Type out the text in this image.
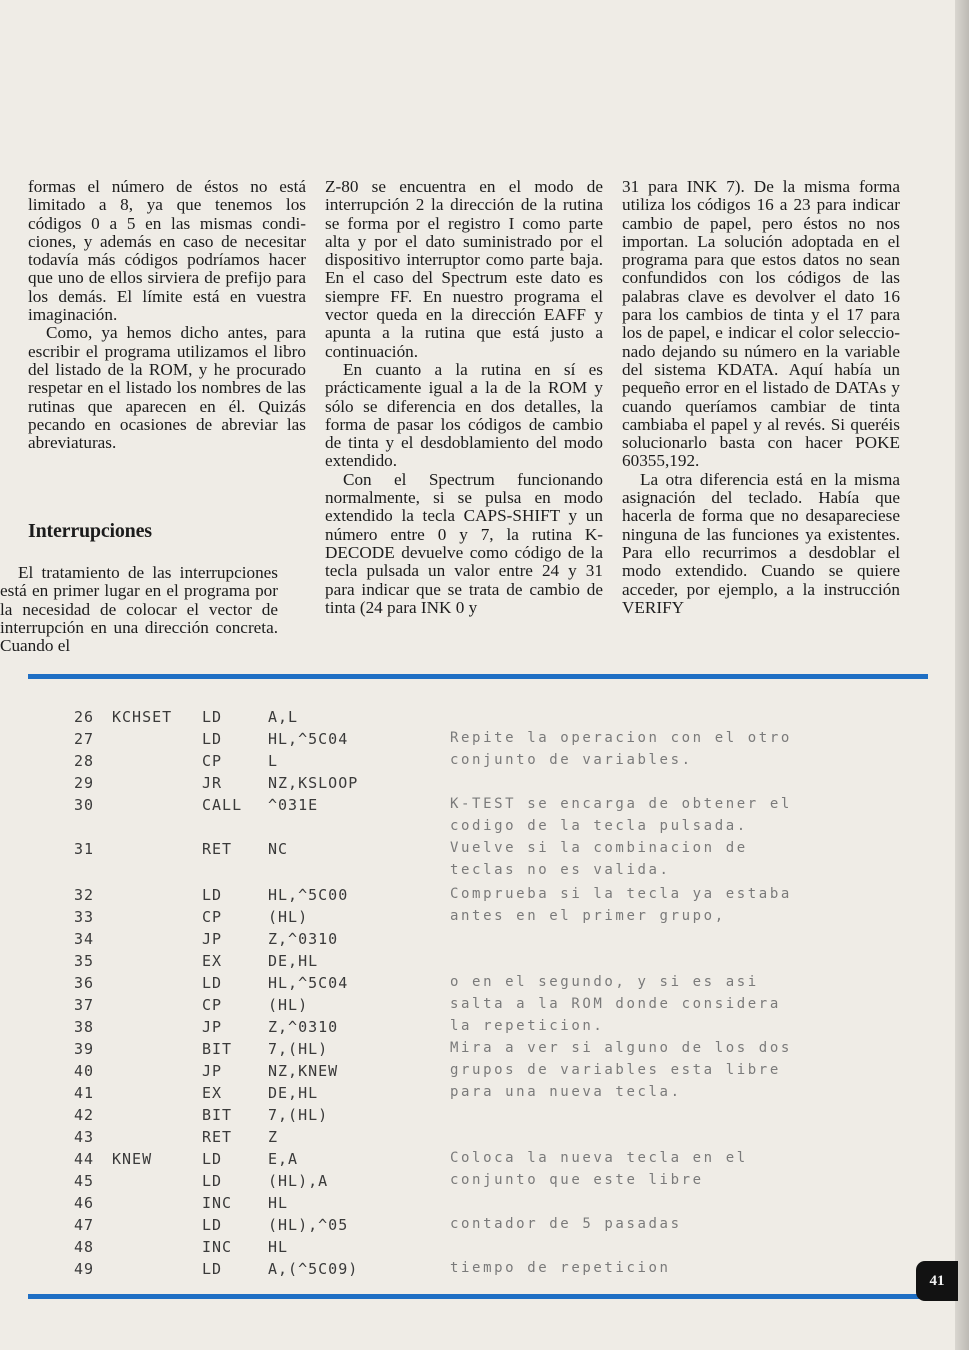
formas el número de éstos no está limitado a 8, ya que tenemos los códigos 0 a 5 en las mismas condiciones, y además en caso de necesitar todavía más códigos podríamos hacer que uno de ellos sirviera de prefijo para los demás. El límite está en vuestra imaginación.

Como, ya hemos dicho antes, para escribir el programa utilizamos el libro del listado de la ROM, y he procurado respetar en el listado los nombres de las rutinas que aparecen en él. Quizás pecando en ocasiones de abreviar las abreviaturas.

Interrupciones

El tratamiento de las interrupciones está en primer lugar en el programa por la necesidad de colocar el vector de interrupción en una dirección concreta. Cuando el

Z-80 se encuentra en el modo de interrupción 2 la dirección de la rutina se forma por el registro I como parte alta y por el dato suministrado por el dispositivo interruptor como parte baja. En el caso del Spectrum este dato es siempre FF. En nuestro programa el vector queda en la dirección EAFF y apunta a la rutina que está justo a continuación.

En cuanto a la rutina en sí es prácticamente igual a la de la ROM y sólo se diferencia en dos detalles, la forma de pasar los códigos de cambio de tinta y el desdoblamiento del modo extendido.

Con el Spectrum funcionando normalmente, si se pulsa en modo extendido la tecla CAPS-SHIFT y un número entre 0 y 7, la rutina K-DECODE devuelve como código de la tecla pulsada un valor entre 24 y 31 para indicar que se trata de cambio de tinta (24 para INK 0 y

31 para INK 7). De la misma forma utiliza los códigos 16 a 23 para indicar cambio de papel, pero éstos no nos importan. La solución adoptada en el programa para que estos datos no sean confundidos con los códigos de las palabras clave es devolver el dato 16 para los cambios de tinta y el 17 para los de papel, e indicar el color seleccionado dejando su número en la variable del sistema KDATA. Aquí había un pequeño error en el listado de DATAs y cuando queríamos cambiar de tinta cambiaba el papel y al revés. Si queréis solucionarlo basta con hacer POKE 60355,192.

La otra diferencia está en la misma asignación del teclado. Había que hacerla de forma que no desapareciese ninguna de las funciones ya existentes. Para ello recurrimos a desdoblar el modo extendido. Cuando se quiere acceder, por ejemplo, a la instrucción VERIFY

26	KCHSET LD	A,L
27	LD	HL,^5C04	Repite la operacion con el otro
28	CP	L	conjunto de variables.
29	JR	NZ,KSLOOP
30	CALL ^031E	K-TEST se encarga de obtener el
codigo de la tecla pulsada.
31	RET NC	Vuelve si la combinacion de
teclas no es valida.
32	LD	HL,^5C00	Comprueba si la tecla ya estaba
33	CP	(HL)	antes en el primer grupo,
34	JP	Z,^0310
35	EX	DE,HL
36	LD	HL,^5C04	o en el segundo, y si es asi
37	CP	(HL)	salta a la ROM donde considera
38	JP	Z,^0310	la repeticion.
39	BIT 7,(HL)	Mira a ver si alguno de los dos
40	JP	NZ,KNEW	grupos de variables esta libre
41	EX	DE,HL	para una nueva tecla.
42	BIT 7,(HL)
43	RET Z
44	KNEW	LD	E,A	Coloca la nueva tecla en el
45	LD	(HL),A	conjunto que este libre
46	INC HL
47	LD	(HL),^05	contador de 5 pasadas
48	INC HL
49	LD	A,(^5C09)	tiempo de repeticion
41
